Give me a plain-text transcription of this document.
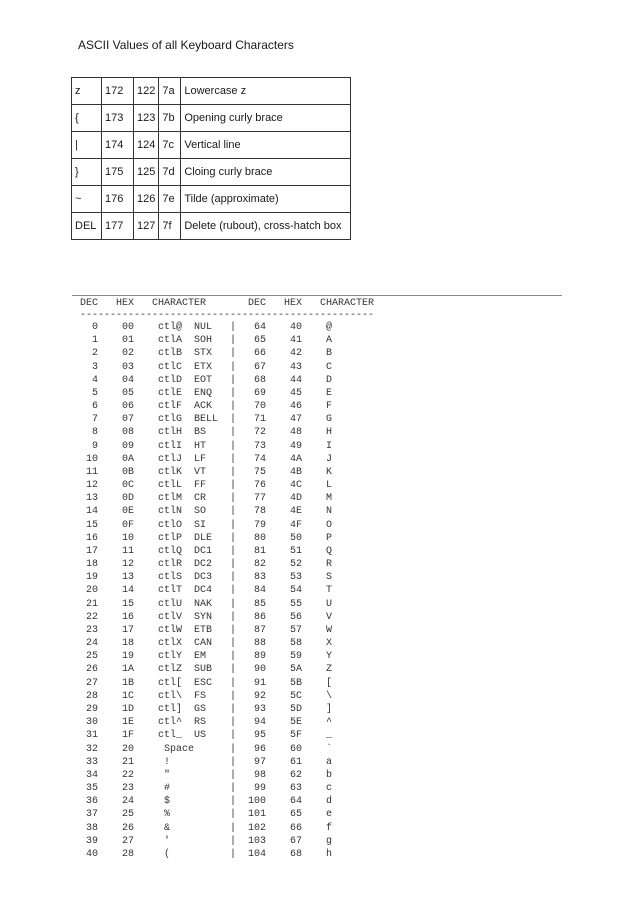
ASCII Values of all Keyboard Characters
z	172	122	7a	Lowercase z
{	173	123	7b	Opening curly brace
|	174	124	7c	Vertical line
}	175	125	7d	Cloing curly brace
~	176	126	7e	Tilde (approximate)
DEL	177	127	7f	Delete (rubout), cross-hatch box
DEC   HEX   CHARACTER       DEC   HEX   CHARACTER
-------------------------------------------------
0    00    ctl@  NUL   |   64    40    @
1    01    ctlA  SOH   |   65    41    A
2    02    ctlB  STX   |   66    42    B
3    03    ctlC  ETX   |   67    43    C
4    04    ctlD  EOT   |   68    44    D
5    05    ctlE  ENQ   |   69    45    E
6    06    ctlF  ACK   |   70    46    F
7    07    ctlG  BELL  |   71    47    G
8    08    ctlH  BS    |   72    48    H
9    09    ctlI  HT    |   73    49    I
10    0A    ctlJ  LF    |   74    4A    J
11    0B    ctlK  VT    |   75    4B    K
12    0C    ctlL  FF    |   76    4C    L
13    0D    ctlM  CR    |   77    4D    M
14    0E    ctlN  SO    |   78    4E    N
15    0F    ctlO  SI    |   79    4F    O
16    10    ctlP  DLE   |   80    50    P
17    11    ctlQ  DC1   |   81    51    Q
18    12    ctlR  DC2   |   82    52    R
19    13    ctlS  DC3   |   83    53    S
20    14    ctlT  DC4   |   84    54    T
21    15    ctlU  NAK   |   85    55    U
22    16    ctlV  SYN   |   86    56    V
23    17    ctlW  ETB   |   87    57    W
24    18    ctlX  CAN   |   88    58    X
25    19    ctlY  EM    |   89    59    Y
26    1A    ctlZ  SUB   |   90    5A    Z
27    1B    ctl[  ESC   |   91    5B    [
28    1C    ctl\  FS    |   92    5C    \
29    1D    ctl]  GS    |   93    5D    ]
30    1E    ctl^  RS    |   94    5E    ^
31    1F    ctl_  US    |   95    5F    _
32    20     Space      |   96    60    `
33    21     !          |   97    61    a
34    22     "          |   98    62    b
35    23     #          |   99    63    c
36    24     $          |  100    64    d
37    25     %          |  101    65    e
38    26     &          |  102    66    f
39    27     '          |  103    67    g
40    28     (          |  104    68    h
